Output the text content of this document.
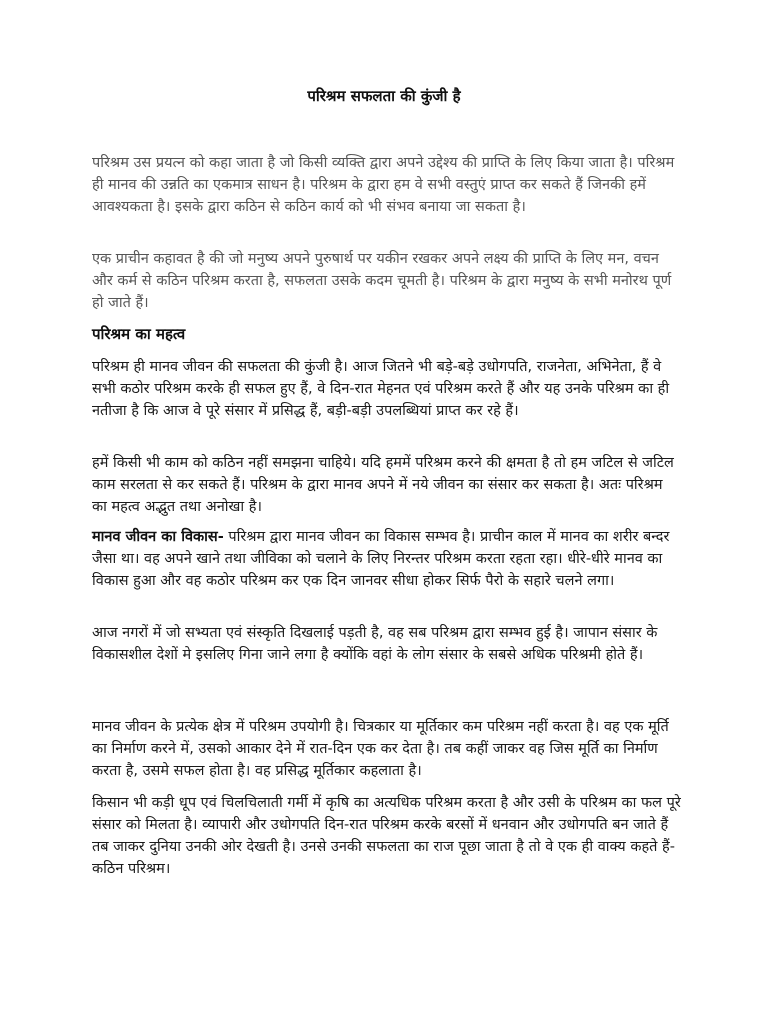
परिश्रम सफलता की कुंजी है

परिश्रम उस प्रयत्न को कहा जाता है जो किसी व्यक्ति द्वारा अपने उद्देश्य की प्राप्ति के लिए किया जाता है। परिश्रम ही मानव की उन्नति का एकमात्र साधन है। परिश्रम के द्वारा हम वे सभी वस्तुएं प्राप्त कर सकते हैं जिनकी हमें आवश्यकता है। इसके द्वारा कठिन से कठिन कार्य को भी संभव बनाया जा सकता है।

एक प्राचीन कहावत है की जो मनुष्य अपने पुरुषार्थ पर यकीन रखकर अपने लक्ष्य की प्राप्ति के लिए मन, वचन और कर्म से कठिन परिश्रम करता है, सफलता उसके कदम चूमती है। परिश्रम के द्वारा मनुष्य के सभी मनोरथ पूर्ण हो जाते हैं।

परिश्रम का महत्व

परिश्रम ही मानव जीवन की सफलता की कुंजी है। आज जितने भी बड़े-बड़े उधोगपति, राजनेता, अभिनेता, हैं वे सभी कठोर परिश्रम करके ही सफल हुए हैं, वे दिन-रात मेहनत एवं परिश्रम करते हैं और यह उनके परिश्रम का ही नतीजा है कि आज वे पूरे संसार में प्रसिद्ध हैं, बड़ी-बड़ी उपलब्धियां प्राप्त कर रहे हैं।

हमें किसी भी काम को कठिन नहीं समझना चाहिये। यदि हममें परिश्रम करने की क्षमता है तो हम जटिल से जटिल काम सरलता से कर सकते हैं। परिश्रम के द्वारा मानव अपने में नये जीवन का संसार कर सकता है। अतः परिश्रम का महत्व अद्भुत तथा अनोखा है।

मानव जीवन का विकास- परिश्रम द्वारा मानव जीवन का विकास सम्भव है। प्राचीन काल में मानव का शरीर बन्दर जैसा था। वह अपने खाने तथा जीविका को चलाने के लिए निरन्तर परिश्रम करता रहता रहा। धीरे-धीरे मानव का विकास हुआ और वह कठोर परिश्रम कर एक दिन जानवर सीधा होकर सिर्फ पैरो के सहारे चलने लगा।

आज नगरों में जो सभ्यता एवं संस्कृति दिखलाई पड़ती है, वह सब परिश्रम द्वारा सम्भव हुई है। जापान संसार के विकासशील देशों मे इसलिए गिना जाने लगा है क्योंकि वहां के लोग संसार के सबसे अधिक परिश्रमी होते हैं।

मानव जीवन के प्रत्येक क्षेत्र में परिश्रम उपयोगी है। चित्रकार या मूर्तिकार कम परिश्रम नहीं करता है। वह एक मूर्ति का निर्माण करने में, उसको आकार देने में रात-दिन एक कर देता है। तब कहीं जाकर वह जिस मूर्ति का निर्माण करता है, उसमे सफल होता है। वह प्रसिद्ध मूर्तिकार कहलाता है।

किसान भी कड़ी धूप एवं चिलचिलाती गर्मी में कृषि का अत्यधिक परिश्रम करता है और उसी के परिश्रम का फल पूरे संसार को मिलता है। व्यापारी और उधोगपति दिन-रात परिश्रम करके बरसों में धनवान और उधोगपति बन जाते हैं तब जाकर दुनिया उनकी ओर देखती है। उनसे उनकी सफलता का राज पूछा जाता है तो वे एक ही वाक्य कहते हैं- कठिन परिश्रम।
